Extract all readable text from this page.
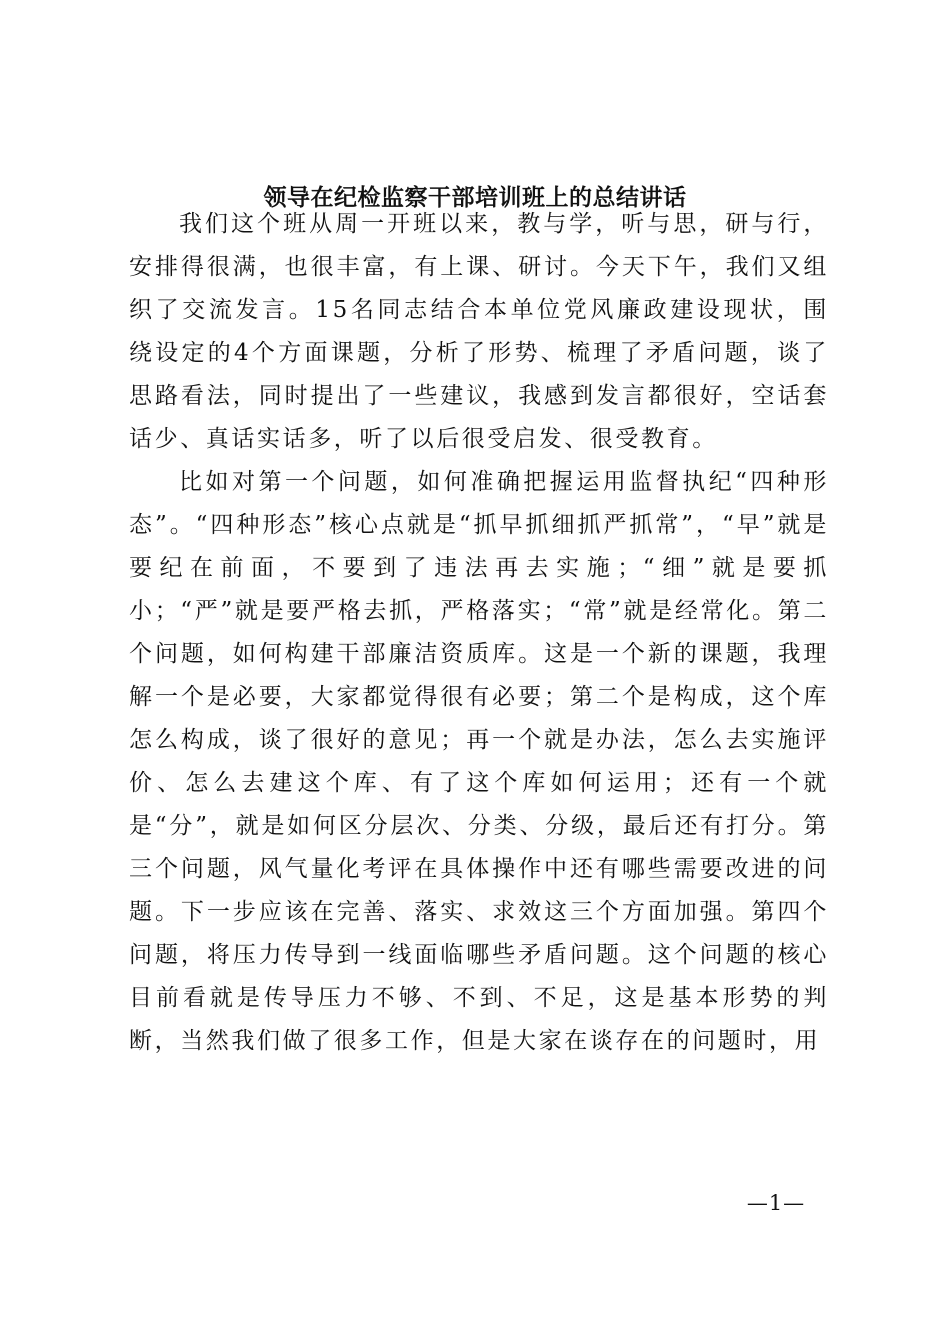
领导在纪检监察干部培训班上的总结讲话

我们这个班从周一开班以来，教与学，听与思，研与行，安排得很满，也很丰富，有上课、研讨。今天下午，我们又组织了交流发言。15名同志结合本单位党风廉政建设现状，围绕设定的4个方面课题，分析了形势、梳理了矛盾问题，谈了思路看法，同时提出了一些建议，我感到发言都很好，空话套话少、真话实话多，听了以后很受启发、很受教育。

比如对第一个问题，如何准确把握运用监督执纪“四种形态”。“四种形态”核心点就是“抓早抓细抓严抓常”，“早”就是要纪在前面，不要到了违法再去实施；“细”就是要抓小；“严”就是要严格去抓，严格落实；“常”就是经常化。第二个问题，如何构建干部廉洁资质库。这是一个新的课题，我理解一个是必要，大家都觉得很有必要；第二个是构成，这个库怎么构成，谈了很好的意见；再一个就是办法，怎么去实施评价、怎么去建这个库、有了这个库如何运用；还有一个就是“分”，就是如何区分层次、分类、分级，最后还有打分。第三个问题，风气量化考评在具体操作中还有哪些需要改进的问题。下一步应该在完善、落实、求效这三个方面加强。第四个问题，将压力传导到一线面临哪些矛盾问题。这个问题的核心目前看就是传导压力不够、不到、不足，这是基本形势的判断，当然我们做了很多工作，但是大家在谈存在的问题时，用

—1—
